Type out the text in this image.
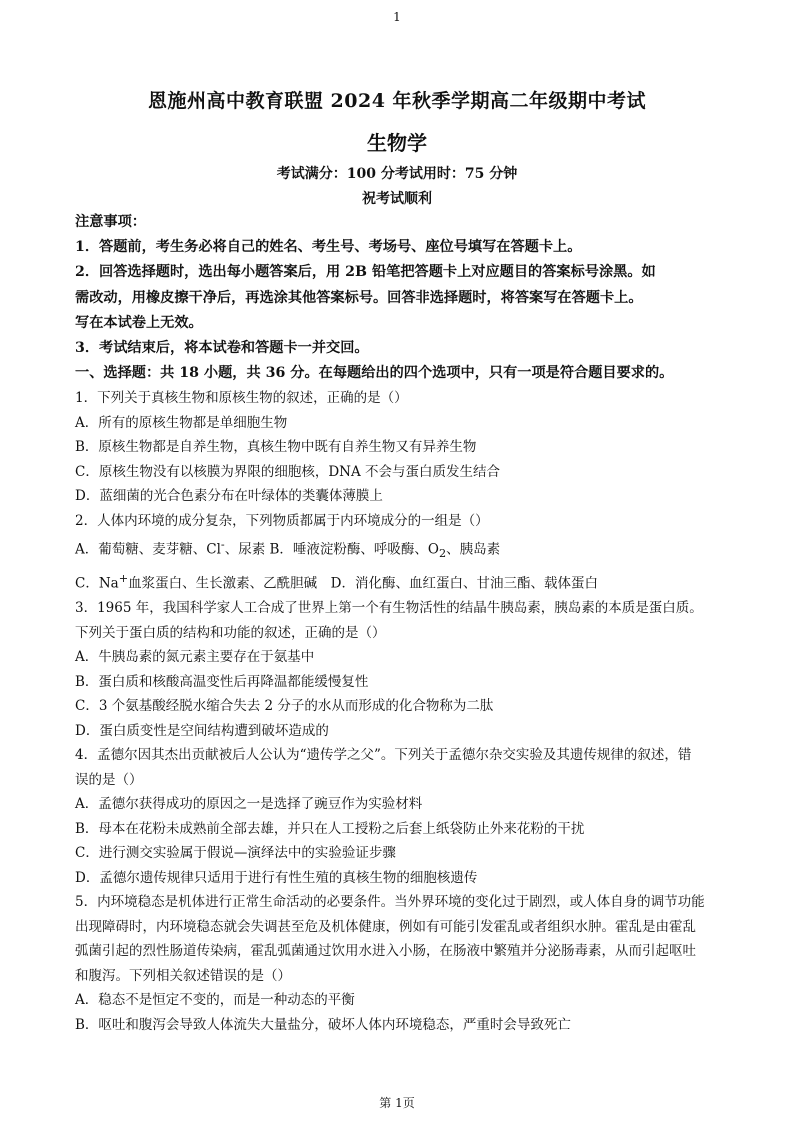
1
恩施州高中教育联盟 2024 年秋季学期高二年级期中考试
生物学
考试满分：100 分考试用时：75 分钟
祝考试顺利
注意事项：
1．答题前，考生务必将自己的姓名、考生号、考场号、座位号填写在答题卡上。
2．回答选择题时，选出每小题答案后，用 2B 铅笔把答题卡上对应题目的答案标号涂黑。如
需改动，用橡皮擦干净后，再选涂其他答案标号。回答非选择题时，将答案写在答题卡上。
写在本试卷上无效。
3．考试结束后，将本试卷和答题卡一并交回。
一、选择题：共 18 小题，共 36 分。在每题给出的四个选项中，只有一项是符合题目要求的。
1．下列关于真核生物和原核生物的叙述，正确的是（）
A．所有的原核生物都是单细胞生物
B．原核生物都是自养生物，真核生物中既有自养生物又有异养生物
C．原核生物没有以核膜为界限的细胞核，DNA 不会与蛋白质发生结合
D．蓝细菌的光合色素分布在叶绿体的类囊体薄膜上
2．人体内环境的成分复杂，下列物质都属于内环境成分的一组是（）
A．葡萄糖、麦芽糖、Cl-、尿素 B．唾液淀粉酶、呼吸酶、$O_2$、胰岛素
C．Na+血浆蛋白、生长激素、乙酰胆碱　D．消化酶、血红蛋白、甘油三酯、载体蛋白
3．1965 年，我国科学家人工合成了世界上第一个有生物活性的结晶牛胰岛素，胰岛素的本质是蛋白质。
下列关于蛋白质的结构和功能的叙述，正确的是（）
A．牛胰岛素的氮元素主要存在于氨基中
B．蛋白质和核酸高温变性后再降温都能缓慢复性
C．3 个氨基酸经脱水缩合失去 2 分子的水从而形成的化合物称为二肽
D．蛋白质变性是空间结构遭到破坏造成的
4．孟德尔因其杰出贡献被后人公认为“遗传学之父”。下列关于孟德尔杂交实验及其遗传规律的叙述，错
误的是（）
A．孟德尔获得成功的原因之一是选择了豌豆作为实验材料
B．母本在花粉未成熟前全部去雄，并只在人工授粉之后套上纸袋防止外来花粉的干扰
C．进行测交实验属于假说—演绎法中的实验验证步骤
D．孟德尔遗传规律只适用于进行有性生殖的真核生物的细胞核遗传
5．内环境稳态是机体进行正常生命活动的必要条件。当外界环境的变化过于剧烈，或人体自身的调节功能
出现障碍时，内环境稳态就会失调甚至危及机体健康，例如有可能引发霍乱或者组织水肿。霍乱是由霍乱
弧菌引起的烈性肠道传染病，霍乱弧菌通过饮用水进入小肠，在肠液中繁殖并分泌肠毒素，从而引起呕吐
和腹泻。下列相关叙述错误的是（）
A．稳态不是恒定不变的，而是一种动态的平衡
B．呕吐和腹泻会导致人体流失大量盐分，破坏人体内环境稳态，严重时会导致死亡
第 1页
